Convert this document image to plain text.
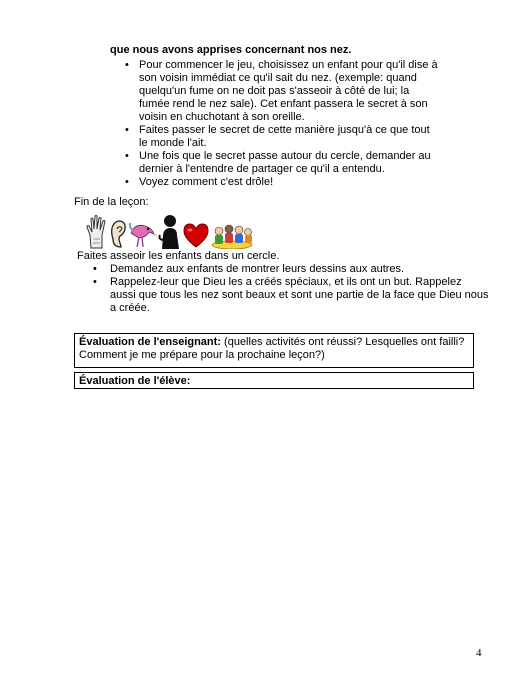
que nous avons apprises concernant nos nez.
• Pour commencer le jeu, choisissez un enfant pour qu'il dise à son voisin immédiat ce qu'il sait du nez. (exemple: quand quelqu'un fume on ne doit pas s'asseoir à côté de lui; la fumée rend le nez sale). Cet enfant passera le secret à son voisin en chuchotant à son oreille.
• Faites passer le secret de cette manière jusqu'à ce que tout le monde l'ait.
• Une fois que le secret passe autour du cercle, demander au dernier à l'entendre de partager ce qu'il a entendu.
• Voyez comment c'est drôle!
Fin de la leçon:
Faites asseoir les enfants dans un cercle.
• Demandez aux enfants de montrer leurs dessins aux autres.
• Rappelez-leur que Dieu les a créés spéciaux, et ils ont un but. Rappelez aussi que tous les nez sont beaux et sont une partie de la face que Dieu nous a créée.
Évaluation de l'enseignant: (quelles activités ont réussi? Lesquelles ont failli? Comment je me prépare pour la prochaine leçon?)
Évaluation de l'élève:
4
